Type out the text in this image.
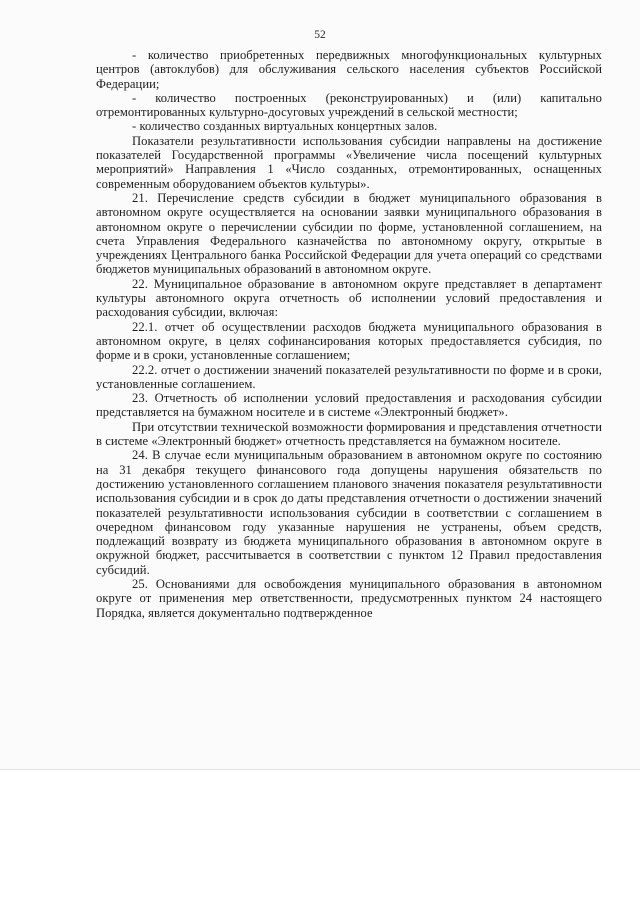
52

- количество приобретенных передвижных многофункциональных культурных центров (автоклубов) для обслуживания сельского населения субъектов Российской Федерации;

- количество построенных (реконструированных) и (или) капитально отремонтированных культурно-досуговых учреждений в сельской местности;

- количество созданных виртуальных концертных залов.

Показатели результативности использования субсидии направлены на достижение показателей Государственной программы «Увеличение числа посещений культурных мероприятий» Направления 1 «Число созданных, отремонтированных, оснащенных современным оборудованием объектов культуры».

21. Перечисление средств субсидии в бюджет муниципального образования в автономном округе осуществляется на основании заявки муниципального образования в автономном округе о перечислении субсидии по форме, установленной соглашением, на счета Управления Федерального казначейства по автономному округу, открытые в учреждениях Центрального банка Российской Федерации для учета операций со средствами бюджетов муниципальных образований в автономном округе.

22. Муниципальное образование в автономном округе представляет в департамент культуры автономного округа отчетность об исполнении условий предоставления и расходования субсидии, включая:

22.1. отчет об осуществлении расходов бюджета муниципального образования в автономном округе, в целях софинансирования которых предоставляется субсидия, по форме и в сроки, установленные соглашением;

22.2. отчет о достижении значений показателей результативности по форме и в сроки, установленные соглашением.

23. Отчетность об исполнении условий предоставления и расходования субсидии представляется на бумажном носителе и в системе «Электронный бюджет».

При отсутствии технической возможности формирования и представления отчетности в системе «Электронный бюджет» отчетность представляется на бумажном носителе.

24. В случае если муниципальным образованием в автономном округе по состоянию на 31 декабря текущего финансового года допущены нарушения обязательств по достижению установленного соглашением планового значения показателя результативности использования субсидии и в срок до даты представления отчетности о достижении значений показателей результативности использования субсидии в соответствии с соглашением в очередном финансовом году указанные нарушения не устранены, объем средств, подлежащий возврату из бюджета муниципального образования в автономном округе в окружной бюджет, рассчитывается в соответствии с пунктом 12 Правил предоставления субсидий.

25. Основаниями для освобождения муниципального образования в автономном округе от применения мер ответственности, предусмотренных пунктом 24 настоящего Порядка, является документально подтвержденное
